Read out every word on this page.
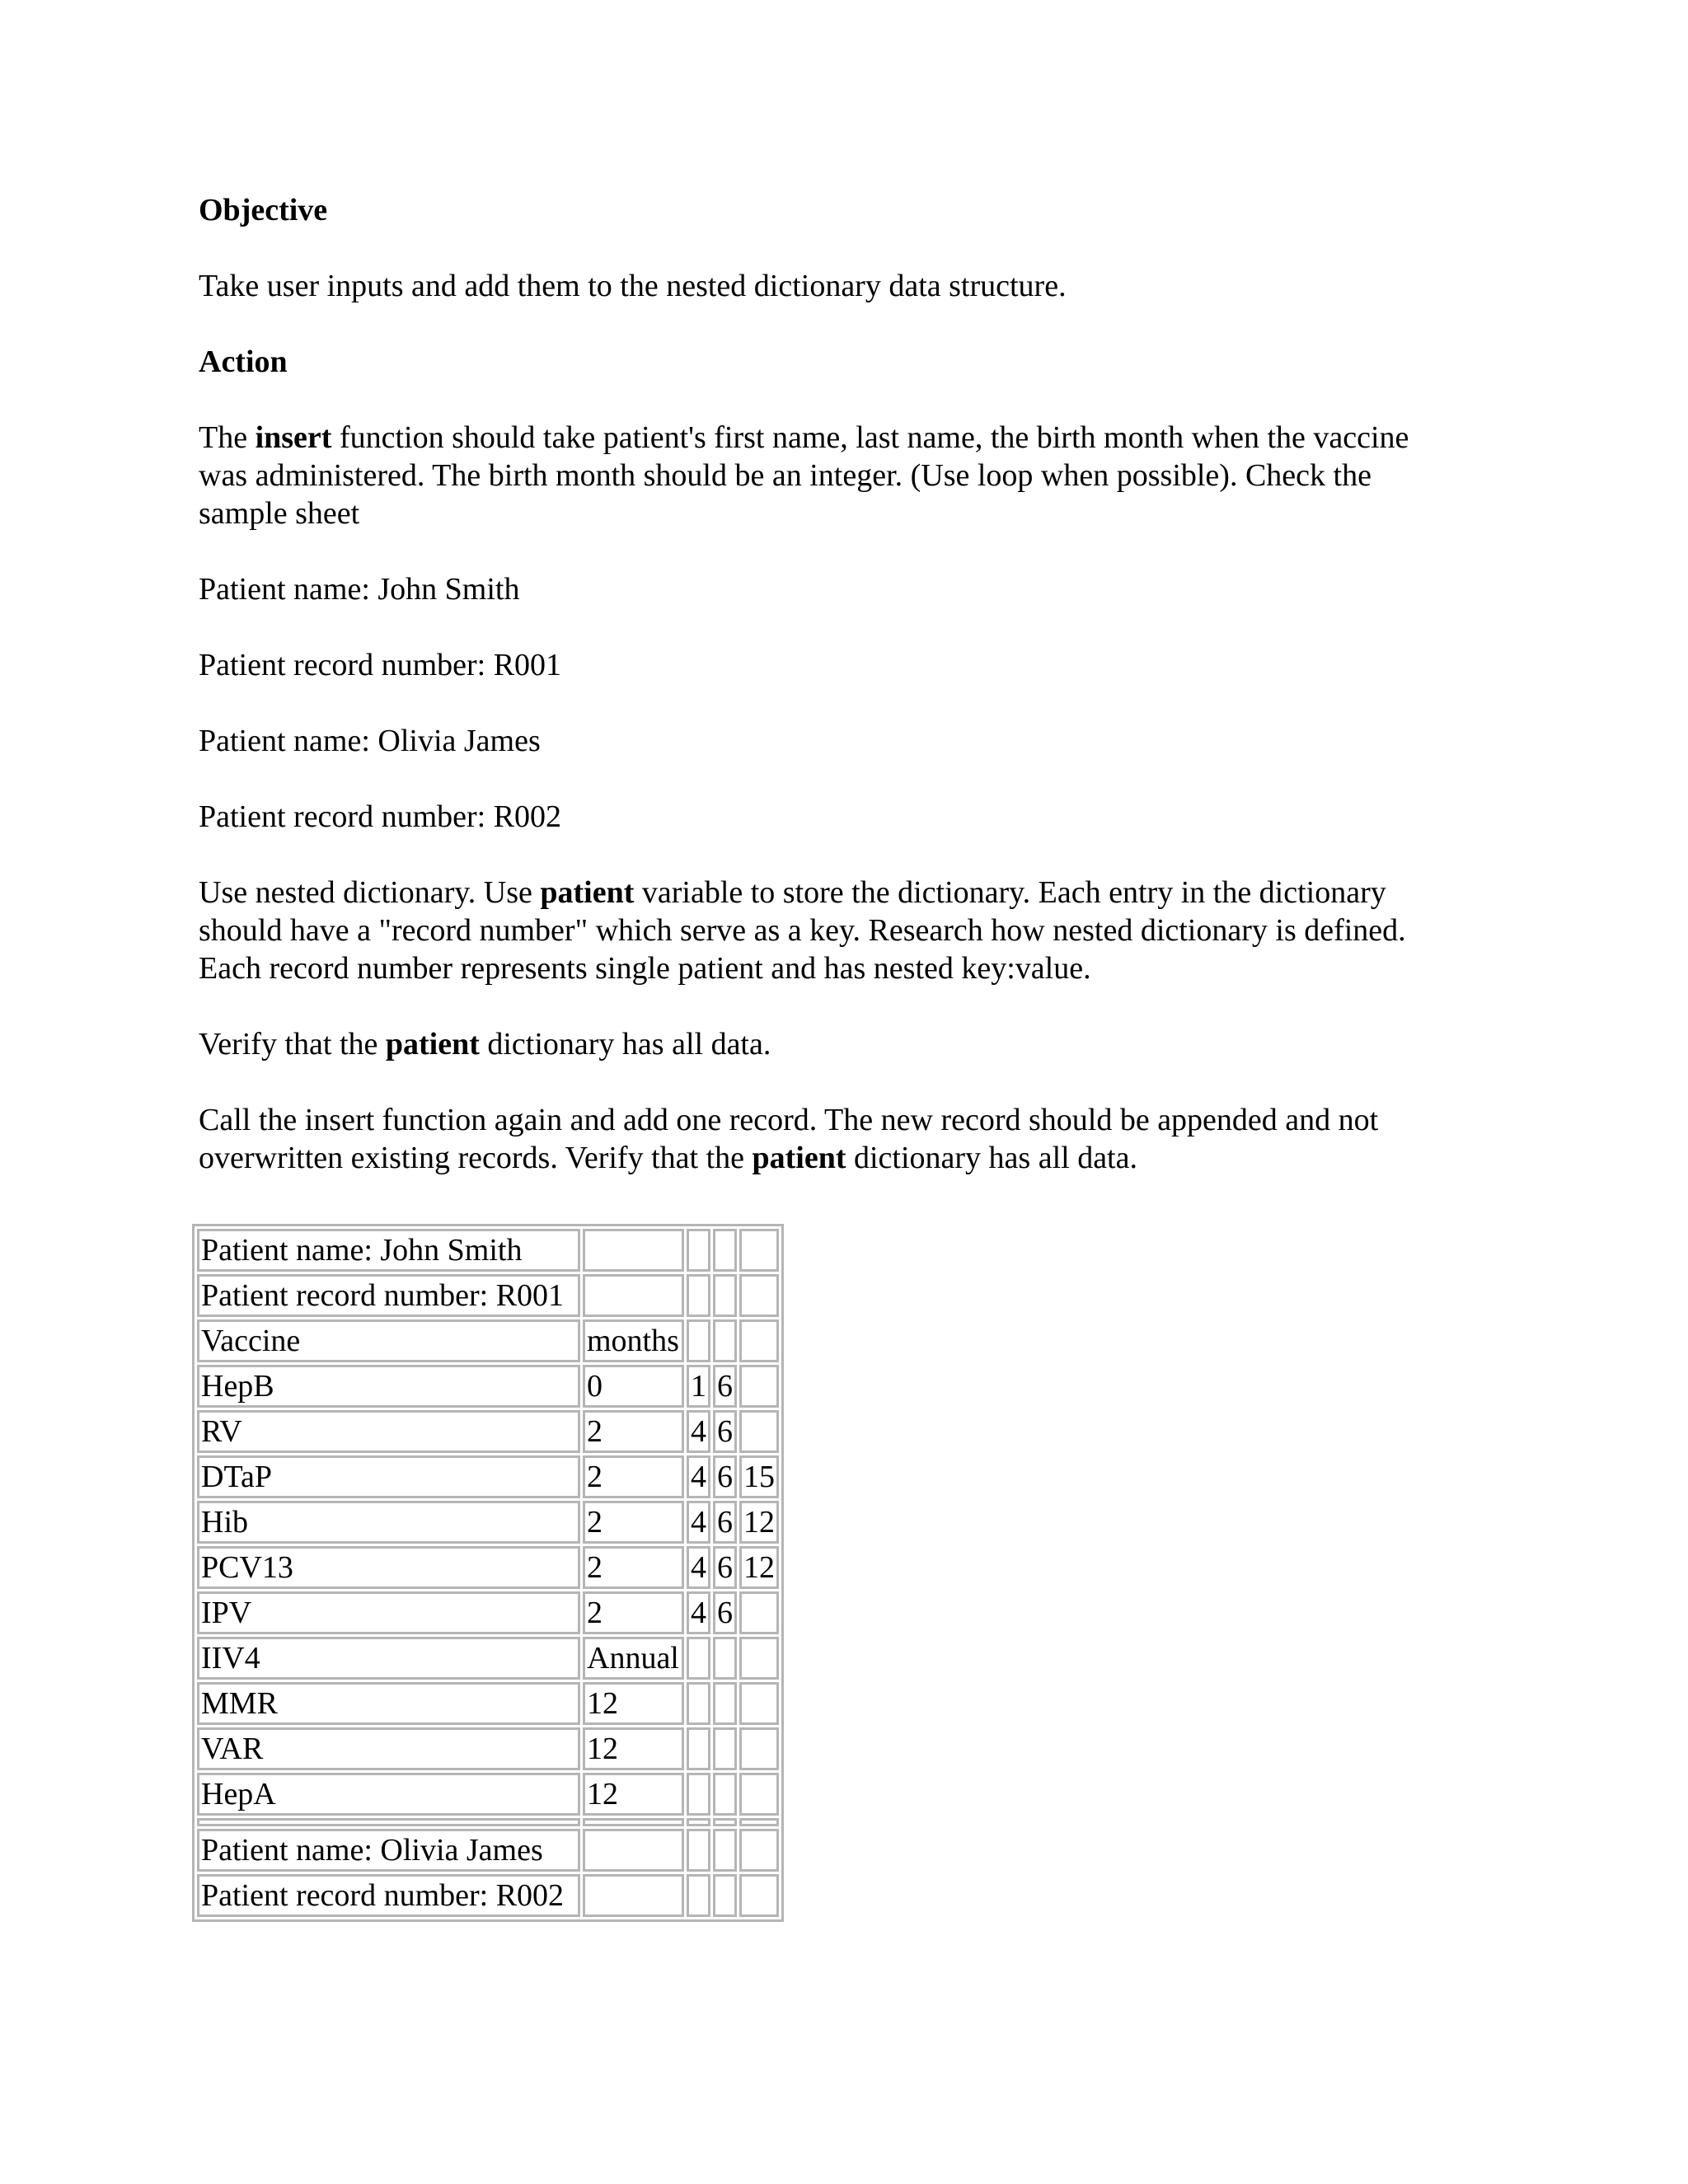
Objective

Take user inputs and add them to the nested dictionary data structure.

Action

The insert function should take patient's first name, last name, the birth month when the vaccine
was administered. The birth month should be an integer. (Use loop when possible). Check the
sample sheet

Patient name: John Smith

Patient record number: R001

Patient name: Olivia James

Patient record number: R002

Use nested dictionary. Use patient variable to store the dictionary. Each entry in the dictionary
should have a "record number" which serve as a key. Research how nested dictionary is defined.
Each record number represents single patient and has nested key:value.

Verify that the patient dictionary has all data.

Call the insert function again and add one record. The new record should be appended and not
overwritten existing records. Verify that the patient dictionary has all data.

Patient name: John Smith				
Patient record number: R001				
Vaccine	months			
HepB	0	1	6	
RV	2	4	6	
DTaP	2	4	6	15
Hib	2	4	6	12
PCV13	2	4	6	12
IPV	2	4	6	
IIV4	Annual			
MMR	12			
VAR	12			
HepA	12			

Patient name: Olivia James				
Patient record number: R002				
